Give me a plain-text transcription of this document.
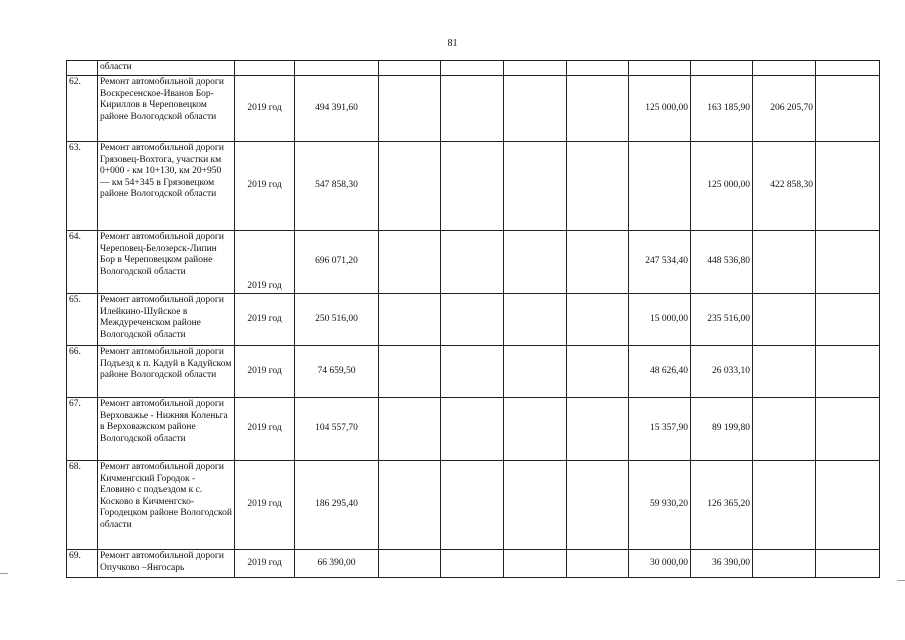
81
	области										
62.	Ремонт автомобильной дороги Воскресенское-Иванов Бор-Кириллов в Череповецком районе Вологодской области	2019 год	494 391,60					125 000,00	163 185,90	206 205,70	
63.	Ремонт автомобильной дороги Грязовец-Вохтога, участки км 0+000 - км 10+130, км 20+950 — км 54+345 в Грязовецком районе Вологодской области	2019 год	547 858,30						125 000,00	422 858,30	
64.	Ремонт автомобильной дороги Череповец-Белозерск-Липин Бор в Череповецком районе Вологодской области	2019 год	696 071,20					247 534,40	448 536,80		
65.	Ремонт автомобильной дороги Илейкино-Шуйское в Междуреченском районе Вологодской области	2019 год	250 516,00					15 000,00	235 516,00		
66.	Ремонт автомобильной дороги Подъезд к п. Кадуй в Кадуйском районе Вологодской области	2019 год	74 659,50					48 626,40	26 033,10		
67.	Ремонт автомобильной дороги Верховажье - Нижняя Коленьга в Верховажском районе Вологодской области	2019 год	104 557,70					15 357,90	89 199,80		
68.	Ремонт автомобильной дороги Кичменгский Городок - Еловино с подъездом к с. Косково в Кичменгско-Городецком районе Вологодской области	2019 год	186 295,40					59 930,20	126 365,20		
69.	Ремонт автомобильной дороги Опучково –Янгосарь	2019 год	66 390,00					30 000,00	36 390,00		
